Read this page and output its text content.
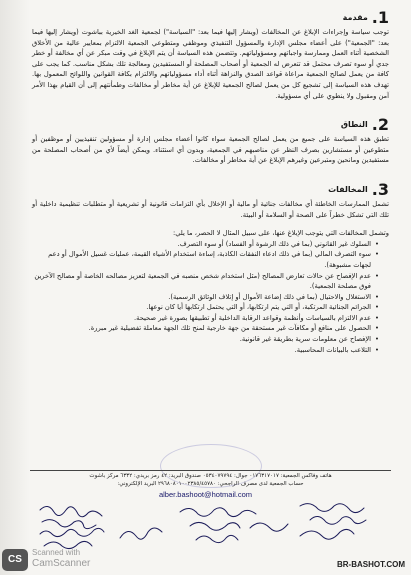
1.
مقدمة

توجب سياسة وإجراءات الإبلاغ عن المخالفات (ويشار إليها فيما بعد: "السياسة") لجمعية الغد الخيرية بباشوت (ويشار إليها فيما بعد: "الجمعية") على أعضاء مجلس الإدارة والمسؤول التنفيذي وموظفي ومتطوعي الجمعية الالتزام بمعايير عالية من الأخلاق الشخصية أثناء العمل وممارسة واجباتهم ومسؤولياتهم. وتتضمن هذه السياسة أن يتم الإبلاغ في وقت مبكر عن أي مخالفة أو خطر جدي أو سوء تصرف محتمل قد تتعرض له الجمعية أو أصحاب المصلحة أو المستفيدين ومعالجة تلك بشكل مناسب. كما يجب على كافة من يعمل لصالح الجمعية مراعاة قواعد الصدق والنزاهة أثناء أداء مسؤولياتهم والالتزام بكافة القوانين واللوائح المعمول بها. تهدف هذه السياسة إلى تشجيع كل من يعمل لصالح الجمعية للإبلاغ عن أية مخاطر أو مخالفات وطمأنتهم إلى أن القيام بهذا الأمر آمن ومقبول ولا ينطوي على أي مسؤولية.

2.
النطاق

تطبق هذه السياسة على جميع من يعمل لصالح الجمعية سواء كانوا أعضاء مجلس إدارة أو مسؤولين تنفيذيين أو موظفين أو متطوعين أو مستشارين بصرف النظر عن مناصبهم في الجمعية، وبدون أي استثناء. ويمكن أيضاً لأي من أصحاب المصلحة من مستفيدين ومانحين ومتبرعين وغيرهم الإبلاغ عن أية مخاطر أو مخالفات.

3.
المخالفات

تشمل الممارسات الخاطئة أي مخالفات جنائية أو مالية أو الإخلال بأي التزامات قانونية أو تشريعية أو متطلبات تنظيمية داخلية أو تلك التي تشكل خطراً على الصحة أو السلامة أو البيئة.

وتشمل المخالفات التي يتوجب الإبلاغ عنها، على سبيل المثال لا الحصر، ما يلي:

• السلوك غير القانوني (بما في ذلك الرشوة أو الفساد) أو سوء التصرف.
• سوء التصرف المالي (بما في ذلك ادعاء النفقات الكاذبة، إساءة استخدام الأشياء القيمة، عمليات غسيل الأموال أو دعم لجهات مشبوهة).
• عدم الإفصاح عن حالات تعارض المصالح (مثل استخدام شخص منصبه في الجمعية لتعزيز مصالحه الخاصة أو مصالح الآخرين فوق مصلحة الجمعية).
• الاستغلال والاحتيال (بما في ذلك إضاعة الأموال أو إتلاف الوثائق الرسمية).
• الجرائم الجنائية المرتكبة، أو التي يتم ارتكابها، أو التي يحتمل ارتكابها أيا كان نوعها.
• عدم الالتزام بالسياسات وأنظمة وقواعد الرقابة الداخلية أو تطبيقها بصورة غير صحيحة.
• الحصول على منافع أو مكافآت غير مستحقة من جهة خارجية لمنح تلك الجهة معاملة تفضيلية غير مبررة.
• الإفصاح عن معلومات سرية بطريقة غير قانونية.
• التلاعب بالبيانات المحاسبية.
هاتف وفاكس الجمعية: ٠١٧٦٣١٧٠١٧ جوال: ٠٥٣٤٠٧٩٧٩٤ صندوق البريد: ٤٢ رمز بريدي: ٦٣٣٢ مركز باشوت
حساب الجمعية لدى مصرف الراجحي: ٢٩٦٨٠٨٠١٠٠٢٣٨٥/٤٥٧٨٠ البريد الإلكتروني:
alber.bashoot@hotmail.com
CS
Scanned with
CamScanner	BR-BASHOT.COM
